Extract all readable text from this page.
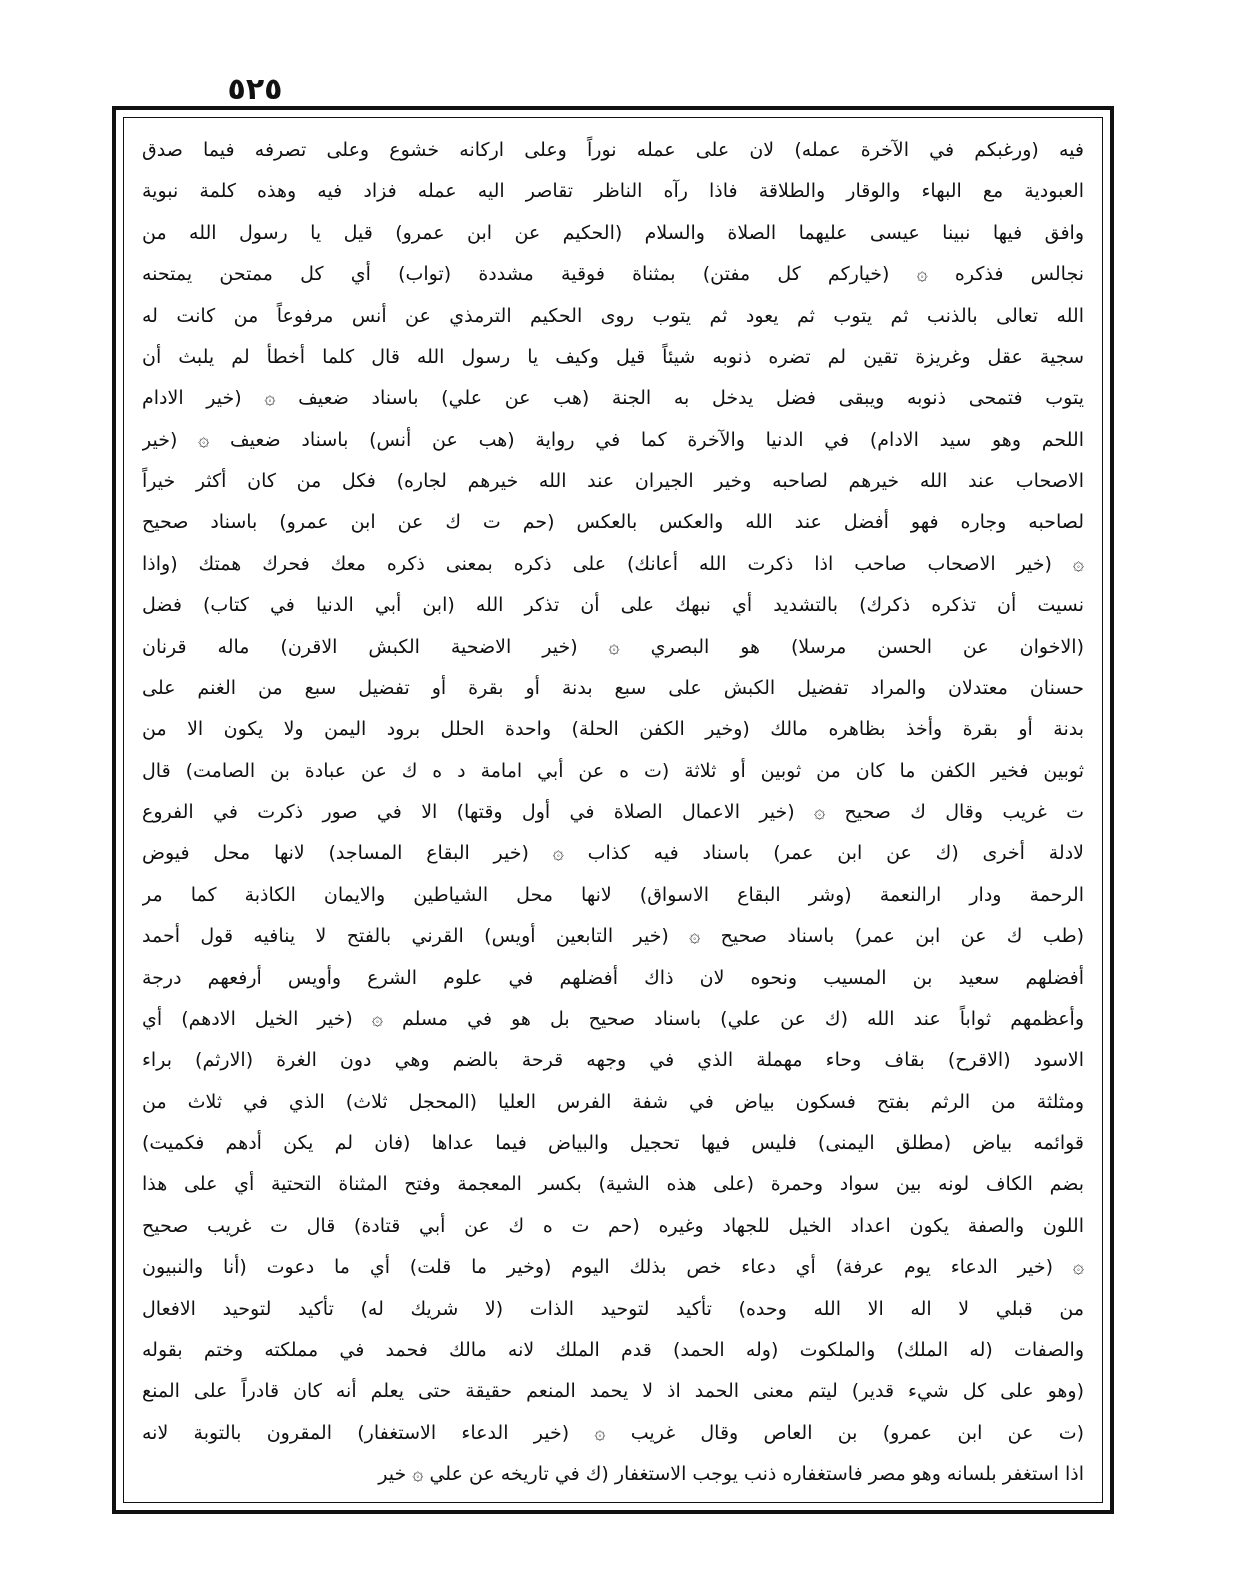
٥٢٥
فيه (ورغبكم في الآخرة عمله) لان على عمله نوراً وعلى اركانه خشوع وعلى تصرفه فيما صدق
العبودية مع البهاء والوقار والطلاقة فاذا رآه الناظر تقاصر اليه عمله فزاد فيه وهذه كلمة نبوية
وافق فيها نبينا عيسى عليهما الصلاة والسلام (الحكيم عن ابن عمرو) قيل يا رسول الله من
نجالس فذكره ۞ (خياركم كل مفتن) بمثناة فوقية مشددة (تواب) أي كل ممتحن يمتحنه
الله تعالى بالذنب ثم يتوب ثم يعود ثم يتوب روى الحكيم الترمذي عن أنس مرفوعاً من كانت له
سجية عقل وغريزة تقين لم تضره ذنوبه شيئاً قيل وكيف يا رسول الله قال كلما أخطأ لم يلبث أن
يتوب فتمحى ذنوبه ويبقى فضل يدخل به الجنة (هب عن علي) باسناد ضعيف ۞ (خير الادام
اللحم وهو سيد الادام) في الدنيا والآخرة كما في رواية (هب عن أنس) باسناد ضعيف ۞ (خير
الاصحاب عند الله خيرهم لصاحبه وخير الجيران عند الله خيرهم لجاره) فكل من كان أكثر خيراً
لصاحبه وجاره فهو أفضل عند الله والعكس بالعكس (حم ت ك عن ابن عمرو) باسناد صحيح
۞ (خير الاصحاب صاحب اذا ذكرت الله أعانك) على ذكره بمعنى ذكره معك فحرك همتك (واذا
نسيت أن تذكره ذكرك) بالتشديد أي نبهك على أن تذكر الله (ابن أبي الدنيا في كتاب) فضل
(الاخوان عن الحسن مرسلا) هو البصري ۞ (خير الاضحية الكبش الاقرن) ماله قرنان
حسنان معتدلان والمراد تفضيل الكبش على سبع بدنة أو بقرة أو تفضيل سبع من الغنم على
بدنة أو بقرة وأخذ بظاهره مالك (وخير الكفن الحلة) واحدة الحلل برود اليمن ولا يكون الا من
ثوبين فخير الكفن ما كان من ثوبين أو ثلاثة (ت ه عن أبي امامة د ه ك عن عبادة بن الصامت) قال
ت غريب وقال ك صحيح ۞ (خير الاعمال الصلاة في أول وقتها) الا في صور ذكرت في الفروع
لادلة أخرى (ك عن ابن عمر) باسناد فيه كذاب ۞ (خير البقاع المساجد) لانها محل فيوض
الرحمة ودار ارالنعمة (وشر البقاع الاسواق) لانها محل الشياطين والايمان الكاذبة كما مر
(طب ك عن ابن عمر) باسناد صحيح ۞ (خير التابعين أويس) القرني بالفتح لا ينافيه قول أحمد
أفضلهم سعيد بن المسيب ونحوه لان ذاك أفضلهم في علوم الشرع وأويس أرفعهم درجة
وأعظمهم ثواباً عند الله (ك عن علي) باسناد صحيح بل هو في مسلم ۞ (خير الخيل الادهم) أي
الاسود (الاقرح) بقاف وحاء مهملة الذي في وجهه قرحة بالضم وهي دون الغرة (الارثم) براء
ومثلثة من الرثم بفتح فسكون بياض في شفة الفرس العليا (المحجل ثلاث) الذي في ثلاث من
قوائمه بياض (مطلق اليمنى) فليس فيها تحجيل والبياض فيما عداها (فان لم يكن أدهم فكميت)
بضم الكاف لونه بين سواد وحمرة (على هذه الشية) بكسر المعجمة وفتح المثناة التحتية أي على هذا
اللون والصفة يكون اعداد الخيل للجهاد وغيره (حم ت ه ك عن أبي قتادة) قال ت غريب صحيح
۞ (خير الدعاء يوم عرفة) أي دعاء خص بذلك اليوم (وخير ما قلت) أي ما دعوت (أنا والنبيون
من قبلي لا اله الا الله وحده) تأكيد لتوحيد الذات (لا شريك له) تأكيد لتوحيد الافعال
والصفات (له الملك) والملكوت (وله الحمد) قدم الملك لانه مالك فحمد في مملكته وختم بقوله
(وهو على كل شيء قدير) ليتم معنى الحمد اذ لا يحمد المنعم حقيقة حتى يعلم أنه كان قادراً على المنع
(ت عن ابن عمرو) بن العاص وقال غريب ۞ (خير الدعاء الاستغفار) المقرون بالتوبة لانه
اذا استغفر بلسانه وهو مصر فاستغفاره ذنب يوجب الاستغفار (ك في تاريخه عن علي ۞ خير
